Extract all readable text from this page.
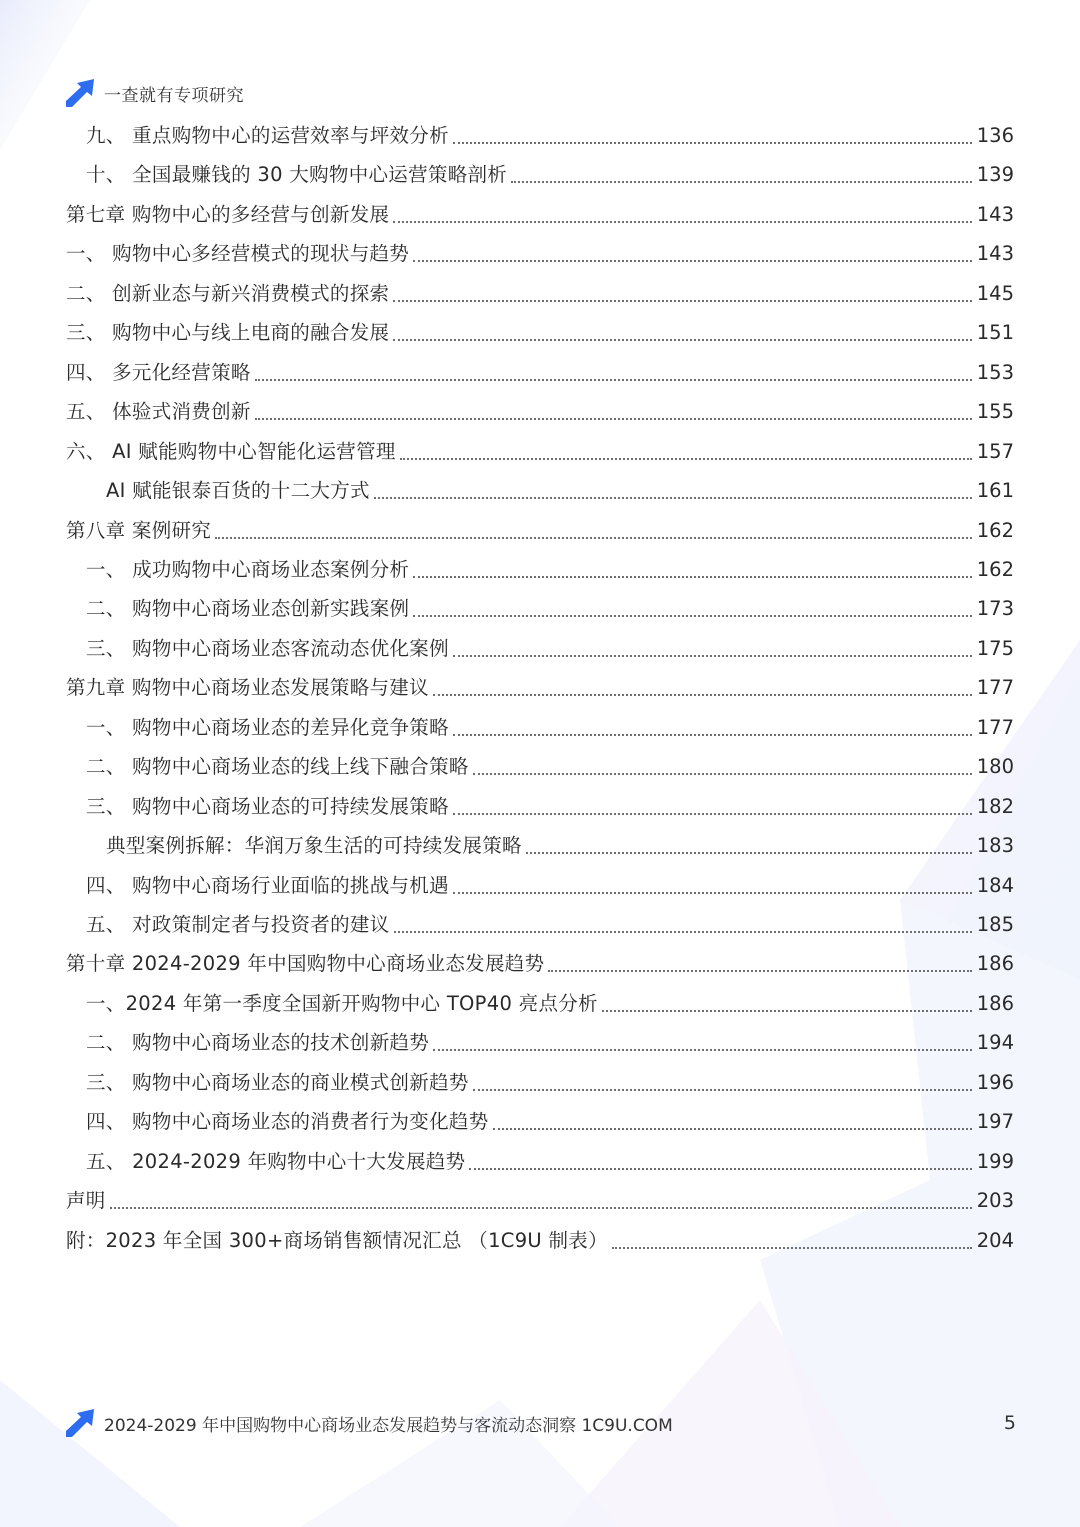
一查就有专项研究
九、 重点购物中心的运营效率与坪效分析	136
十、 全国最赚钱的 30 大购物中心运营策略剖析	139
第七章 购物中心的多经营与创新发展	143
一、 购物中心多经营模式的现状与趋势	143
二、 创新业态与新兴消费模式的探索	145
三、 购物中心与线上电商的融合发展	151
四、 多元化经营策略	153
五、 体验式消费创新	155
六、 AI 赋能购物中心智能化运营管理	157
AI 赋能银泰百货的十二大方式	161
第八章 案例研究	162
一、 成功购物中心商场业态案例分析	162
二、 购物中心商场业态创新实践案例	173
三、 购物中心商场业态客流动态优化案例	175
第九章 购物中心商场业态发展策略与建议	177
一、 购物中心商场业态的差异化竞争策略	177
二、 购物中心商场业态的线上线下融合策略	180
三、 购物中心商场业态的可持续发展策略	182
典型案例拆解：华润万象生活的可持续发展策略	183
四、 购物中心商场行业面临的挑战与机遇	184
五、 对政策制定者与投资者的建议	185
第十章 2024-2029 年中国购物中心商场业态发展趋势	186
一、2024 年第一季度全国新开购物中心 TOP40 亮点分析	186
二、 购物中心商场业态的技术创新趋势	194
三、 购物中心商场业态的商业模式创新趋势	196
四、 购物中心商场业态的消费者行为变化趋势	197
五、 2024-2029 年购物中心十大发展趋势	199
声明	203
附：2023 年全国 300+商场销售额情况汇总 （1C9U 制表）	204
2024-2029 年中国购物中心商场业态发展趋势与客流动态洞察 1C9U.COM	5
